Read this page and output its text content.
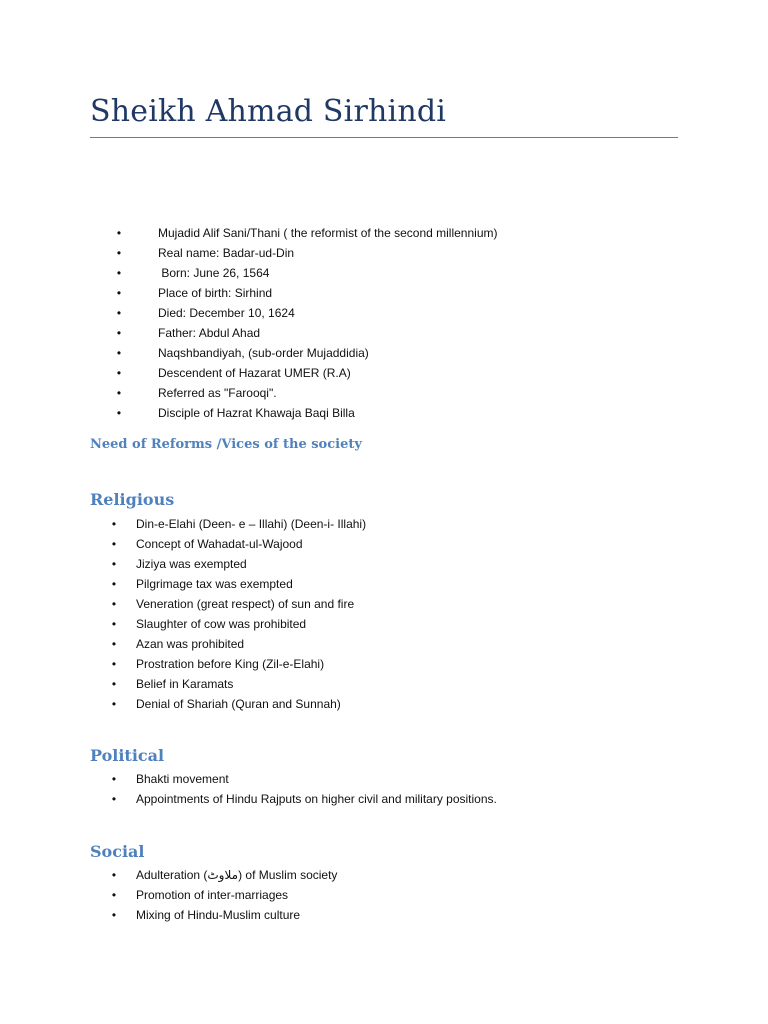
Sheikh Ahmad Sirhindi
•	Mujadid Alif Sani/Thani ( the reformist of the second millennium)
•	Real name: Badar-ud-Din
•	Born: June 26, 1564
•	Place of birth: Sirhind
•	Died: December 10, 1624
•	Father: Abdul Ahad
•	Naqshbandiyah, (sub-order Mujaddidia)
•	Descendent of Hazarat UMER (R.A)
•	Referred as "Farooqi".
•	Disciple of Hazrat Khawaja Baqi Billa
Need of Reforms /Vices of the society
Religious
• Din-e-Elahi (Deen- e – Illahi) (Deen-i- Illahi)
• Concept of Wahadat-ul-Wajood
• Jiziya was exempted
• Pilgrimage tax was exempted
• Veneration (great respect) of sun and fire
• Slaughter of cow was prohibited
• Azan was prohibited
• Prostration before King (Zil-e-Elahi)
• Belief in Karamats
• Denial of Shariah (Quran and Sunnah)
Political
• Bhakti movement
• Appointments of Hindu Rajputs on higher civil and military positions.
Social
• Adulteration (ملاوٹ) of Muslim society
• Promotion of inter-marriages
• Mixing of Hindu-Muslim culture
